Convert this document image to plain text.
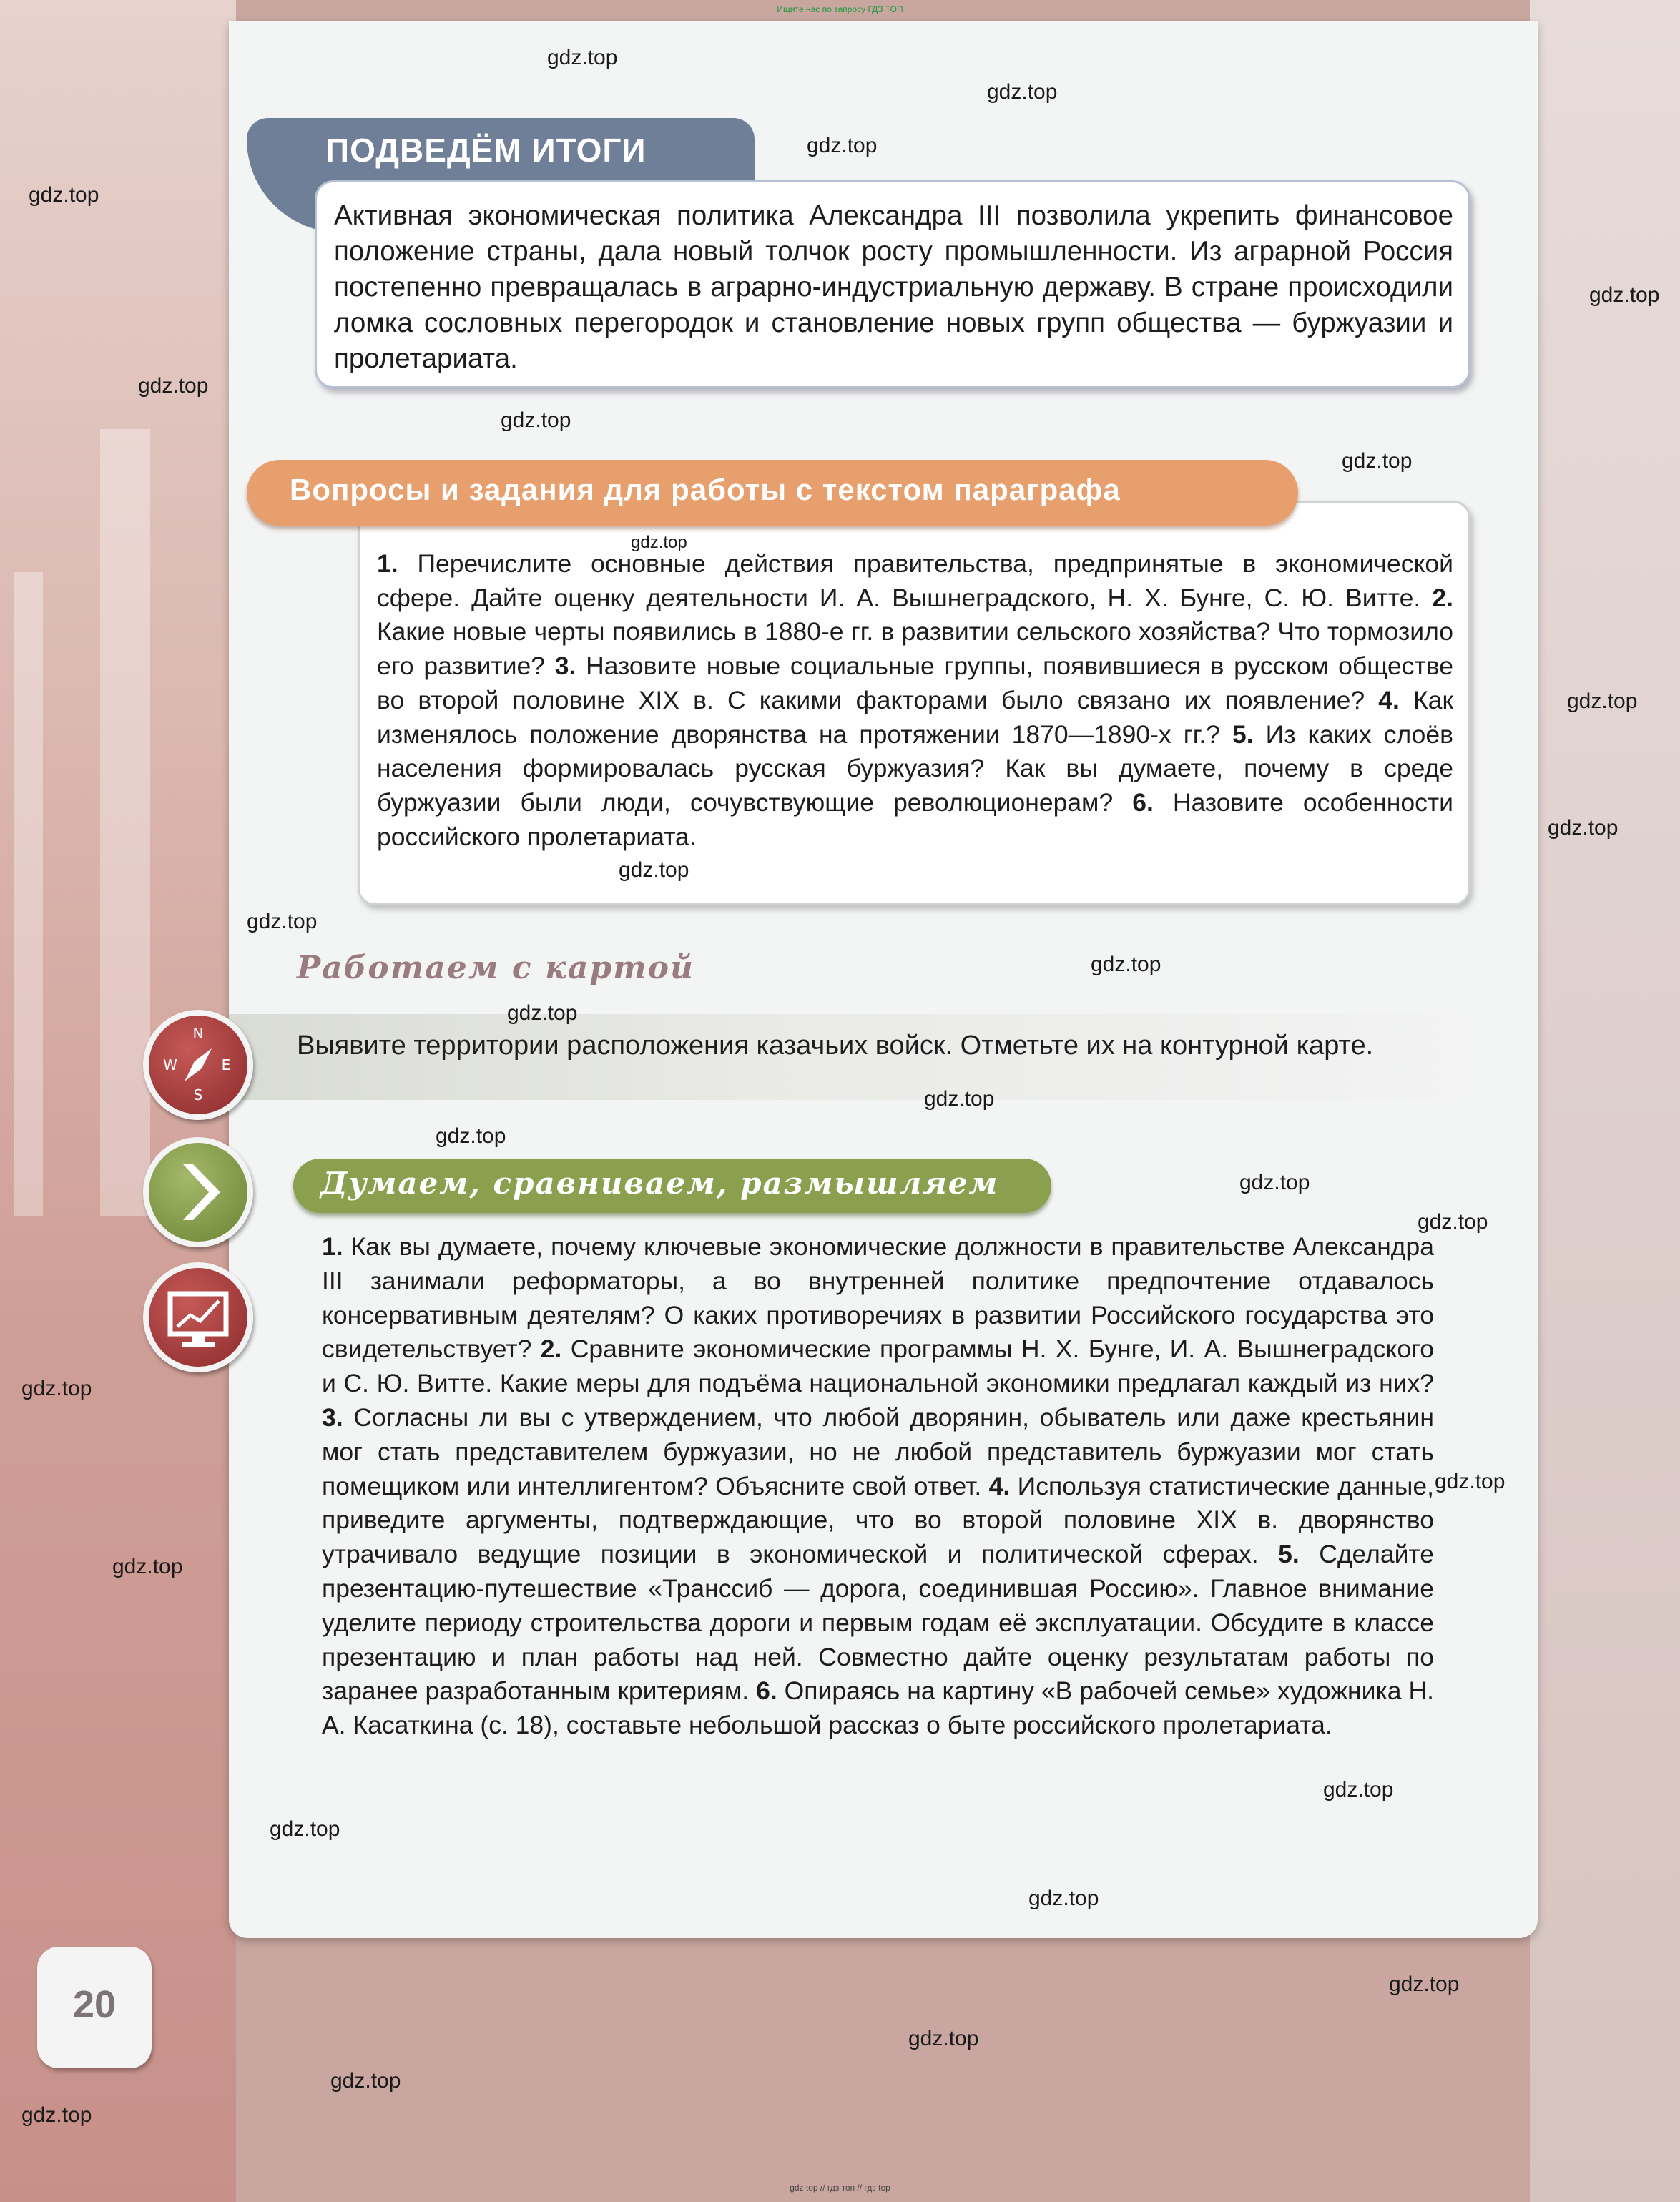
Ищите нас по запросу ГДЗ ТОП
ПОДВЕДЁМ ИТОГИ

Активная экономическая политика Александра III позволила укрепить финансовое положение страны, дала новый толчок росту промышленности. Из аграрной Россия постепенно превращалась в аграрно-индустриальную державу. В стране происходили ломка сословных перегородок и становление новых групп общества — буржуазии и пролетариата.

1. Перечислите основные действия правительства, предпринятые в экономической сфере. Дайте оценку деятельности И. А. Вышнеградского, Н. Х. Бунге, С. Ю. Витте. 2. Какие новые черты появились в 1880-е гг. в развитии сельского хозяйства? Что тормозило его развитие? 3. Назовите новые социальные группы, появившиеся в русском обществе во второй половине XIX в. С какими факторами было связано их появление? 4. Как изменялось положение дворянства на протяжении 1870—1890-х гг.? 5. Из каких слоёв населения формировалась русская буржуазия? Как вы думаете, почему в среде буржуазии были люди, сочувствующие революционерам? 6. Назовите особенности российского пролетариата.

Вопросы и задания для работы с текстом параграфа
Работаем с картой

Выявите территории расположения казачьих войск. Отметьте их на контурной карте.

N
W	E
S
Думаем, сравниваем, размышляем

1. Как вы думаете, почему ключевые экономические должности в правительстве Александра III занимали реформаторы, а во внутренней политике предпочтение отдавалось консервативным деятелям? О каких противоречиях в развитии Российского государства это свидетельствует? 2. Сравните экономические программы Н. Х. Бунге, И. А. Вышнеградского и С. Ю. Витте. Какие меры для подъёма национальной экономики предлагал каждый из них? 3. Согласны ли вы с утверждением, что любой дворянин, обыватель или даже крестьянин мог стать представителем буржуазии, но не любой представитель буржуазии мог стать помещиком или интеллигентом? Объясните свой ответ. 4. Используя статистические данные, приведите аргументы, подтверждающие, что во второй половине XIX в. дворянство утрачивало ведущие позиции в экономической и политической сферах. 5. Сделайте презентацию-путешествие «Транссиб — дорога, соединившая Россию». Главное внимание уделите периоду строительства дороги и первым годам её эксплуатации. Обсудите в классе презентацию и план работы над ней. Совместно дайте оценку результатам работы по заранее разработанным критериям. 6. Опираясь на картину «В рабочей семье» художника Н. А. Касаткина (с. 18), составьте небольшой рассказ о быте российского пролетариата.

20
gdz.top
gdz.top
gdz.top
gdz.top
gdz.top
gdz.top
gdz.top
gdz.top
gdz.top
gdz.top
gdz.top
gdz.top
gdz.top
gdz.top
gdz.top
gdz.top
gdz.top
gdz.top
gdz.top
gdz.top
gdz.top
gdz.top
gdz.top
gdz.top
gdz.top
gdz.top
gdz.top
gdz.top
gdz.top
gdz top // гдз топ // гдз top
